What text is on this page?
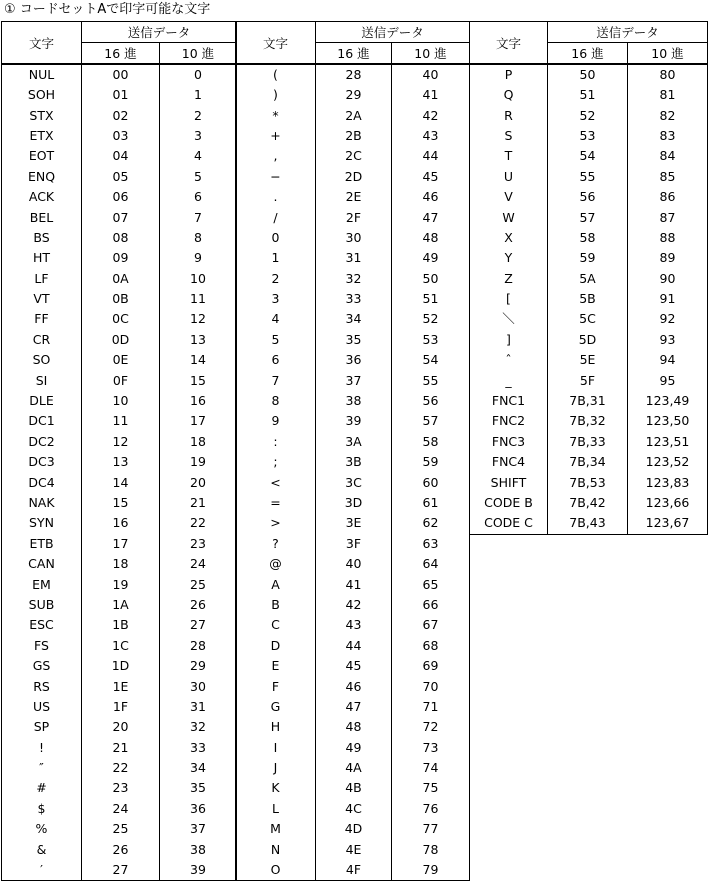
① コードセットAで印字可能な文字
文字	送信データ	
	16 進	10 進
NUL	00	0
SOH	01	1
STX	02	2
ETX	03	3
EOT	04	4
ENQ	05	5
ACK	06	6
BEL	07	7
BS	08	8
HT	09	9
LF	0A	10
VT	0B	11
FF	0C	12
CR	0D	13
SO	0E	14
SI	0F	15
DLE	10	16
DC1	11	17
DC2	12	18
DC3	13	19
DC4	14	20
NAK	15	21
SYN	16	22
ETB	17	23
CAN	18	24
EM	19	25
SUB	1A	26
ESC	1B	27
FS	1C	28
GS	1D	29
RS	1E	30
US	1F	31
SP	20	32
!	21	33
″	22	34
#	23	35
$	24	36
%	25	37
&	26	38
′	27	39
文字	送信データ	
	16 進	10 進
(	28	40
)	29	41
*	2A	42
+	2B	43
,	2C	44
−	2D	45
.	2E	46
/	2F	47
0	30	48
1	31	49
2	32	50
3	33	51
4	34	52
5	35	53
6	36	54
7	37	55
8	38	56
9	39	57
:	3A	58
;	3B	59
<	3C	60
=	3D	61
>	3E	62
?	3F	63
@	40	64
A	41	65
B	42	66
C	43	67
D	44	68
E	45	69
F	46	70
G	47	71
H	48	72
I	49	73
J	4A	74
K	4B	75
L	4C	76
M	4D	77
N	4E	78
O	4F	79
文字	送信データ	
	16 進	10 進
P	50	80
Q	51	81
R	52	82
S	53	83
T	54	84
U	55	85
V	56	86
W	57	87
X	58	88
Y	59	89
Z	5A	90
[	5B	91
＼	5C	92
]	5D	93
ˆ	5E	94
_	5F	95
FNC1	7B,31	123,49
FNC2	7B,32	123,50
FNC3	7B,33	123,51
FNC4	7B,34	123,52
SHIFT	7B,53	123,83
CODE B	7B,42	123,66
CODE C	7B,43	123,67
